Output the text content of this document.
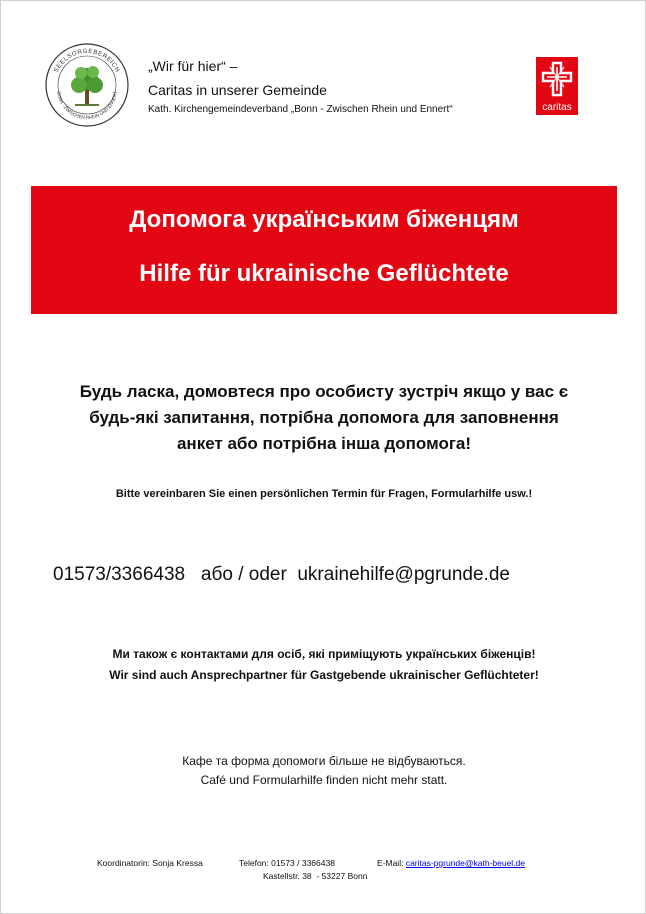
SEELSORGEBEREICH
BONN · ZWISCHEN RHEIN UND ENNERT
„Wir für hier“ –
Caritas in unserer Gemeinde
Kath. Kirchengemeindeverband „Bonn - Zwischen Rhein und Ennert“	caritas
Допомога українським біженцям
Hilfe für ukrainische Geflüchtete
Будь ласка, домовтеся про особисту зустріч якщо у вас є
будь-які запитання, потрібна допомога для заповнення
анкет або потрібна інша допомога!
Bitte vereinbaren Sie einen persönlichen Termin für Fragen, Formularhilfe usw.!
01573/3366438   або / oder  ukrainehilfe@pgrunde.de
Ми також є контактами для осіб, які приміщують українських біженців!
Wir sind auch Ansprechpartner für Gastgebende ukrainischer Geflüchteter!
Кафе та форма допомоги більше не відбуваються.
Café und Formularhilfe finden nicht mehr statt.
Koordinatorin: Sonja Kressa	Telefon: 01573 / 3366438	E-Mail: caritas-pgrunde@kath-beuel.de
Kastellstr. 38  - 53227 Bonn
